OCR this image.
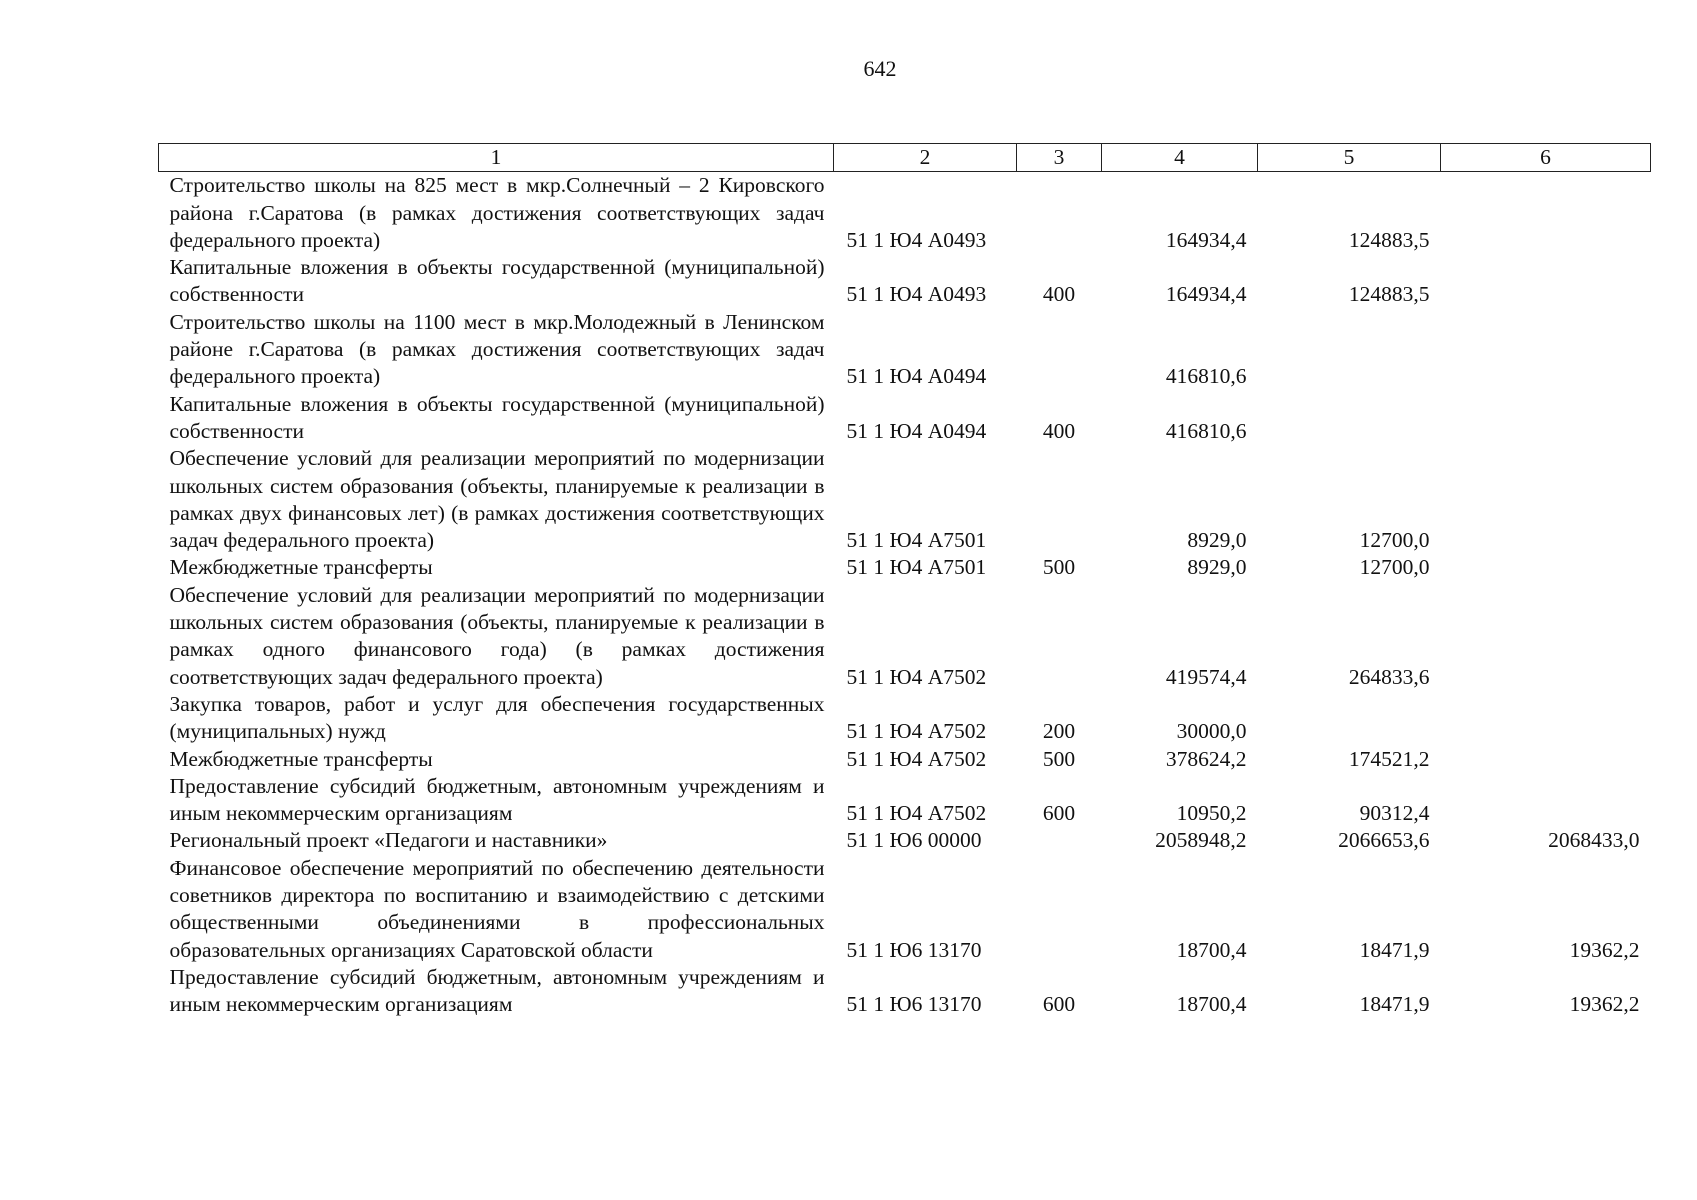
642
1	2	3	4	5	6
Строительство школы на 825 мест в мкр.Солнечный – 2 Кировского района г.Саратова (в рамках достижения соответствующих задач федерального проекта)	51 1 Ю4 А0493		164934,4	124883,5	
Капитальные вложения в объекты государственной (муниципальной) собственности	51 1 Ю4 А0493	400	164934,4	124883,5	
Строительство школы на 1100 мест в мкр.Молодежный в Ленинском районе г.Саратова (в рамках достижения соответствующих задач федерального проекта)	51 1 Ю4 А0494		416810,6		
Капитальные вложения в объекты государственной (муниципальной) собственности	51 1 Ю4 А0494	400	416810,6		
Обеспечение условий для реализации мероприятий по модернизации школьных систем образования (объекты, планируемые к реализации в рамках двух финансовых лет) (в рамках достижения соответствующих задач федерального проекта)	51 1 Ю4 А7501		8929,0	12700,0	
Межбюджетные трансферты	51 1 Ю4 А7501	500	8929,0	12700,0	
Обеспечение условий для реализации мероприятий по модернизации школьных систем образования (объекты, планируемые к реализации в рамках одного финансового года) (в рамках достижения соответствующих задач федерального проекта)	51 1 Ю4 А7502		419574,4	264833,6	
Закупка товаров, работ и услуг для обеспечения государственных (муниципальных) нужд	51 1 Ю4 А7502	200	30000,0		
Межбюджетные трансферты	51 1 Ю4 А7502	500	378624,2	174521,2	
Предоставление субсидий бюджетным, автономным учреждениям и иным некоммерческим организациям	51 1 Ю4 А7502	600	10950,2	90312,4	
Региональный проект «Педагоги и наставники»	51 1 Ю6 00000		2058948,2	2066653,6	2068433,0
Финансовое обеспечение мероприятий по обеспечению деятельности советников директора по воспитанию и взаимодействию с детскими общественными объединениями в профессиональных образовательных организациях Саратовской области	51 1 Ю6 13170		18700,4	18471,9	19362,2
Предоставление субсидий бюджетным, автономным учреждениям и иным некоммерческим организациям	51 1 Ю6 13170	600	18700,4	18471,9	19362,2
